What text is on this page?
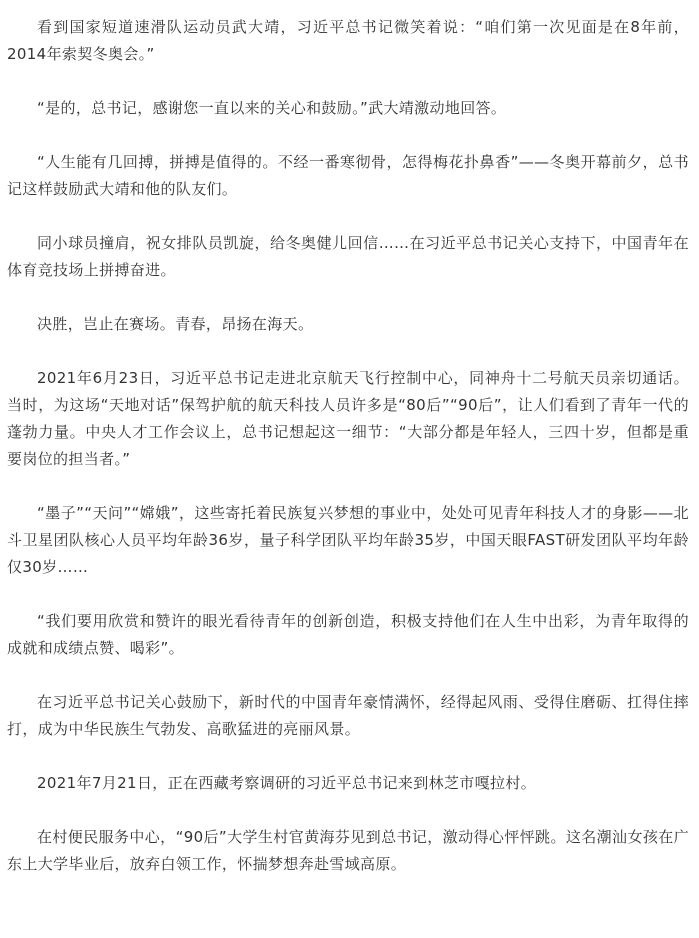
看到国家短道速滑队运动员武大靖，习近平总书记微笑着说：“咱们第一次见面是在8年前，2014年索契冬奥会。”

“是的，总书记，感谢您一直以来的关心和鼓励。”武大靖激动地回答。

“人生能有几回搏，拼搏是值得的。不经一番寒彻骨，怎得梅花扑鼻香”——冬奥开幕前夕，总书记这样鼓励武大靖和他的队友们。

同小球员撞肩，祝女排队员凯旋，给冬奥健儿回信……在习近平总书记关心支持下，中国青年在体育竞技场上拼搏奋进。

决胜，岂止在赛场。青春，昂扬在海天。

2021年6月23日，习近平总书记走进北京航天飞行控制中心，同神舟十二号航天员亲切通话。当时，为这场“天地对话”保驾护航的航天科技人员许多是“80后”“90后”，让人们看到了青年一代的蓬勃力量。中央人才工作会议上，总书记想起这一细节：“大部分都是年轻人，三四十岁，但都是重要岗位的担当者。”

“墨子”“天问”“嫦娥”，这些寄托着民族复兴梦想的事业中，处处可见青年科技人才的身影——北斗卫星团队核心人员平均年龄36岁，量子科学团队平均年龄35岁，中国天眼FAST研发团队平均年龄仅30岁……

“我们要用欣赏和赞许的眼光看待青年的创新创造，积极支持他们在人生中出彩，为青年取得的成就和成绩点赞、喝彩”。

在习近平总书记关心鼓励下，新时代的中国青年豪情满怀，经得起风雨、受得住磨砺、扛得住摔打，成为中华民族生气勃发、高歌猛进的亮丽风景。

2021年7月21日，正在西藏考察调研的习近平总书记来到林芝市嘎拉村。

在村便民服务中心，“90后”大学生村官黄海芬见到总书记，激动得心怦怦跳。这名潮汕女孩在广东上大学毕业后，放弃白领工作，怀揣梦想奔赴雪域高原。
